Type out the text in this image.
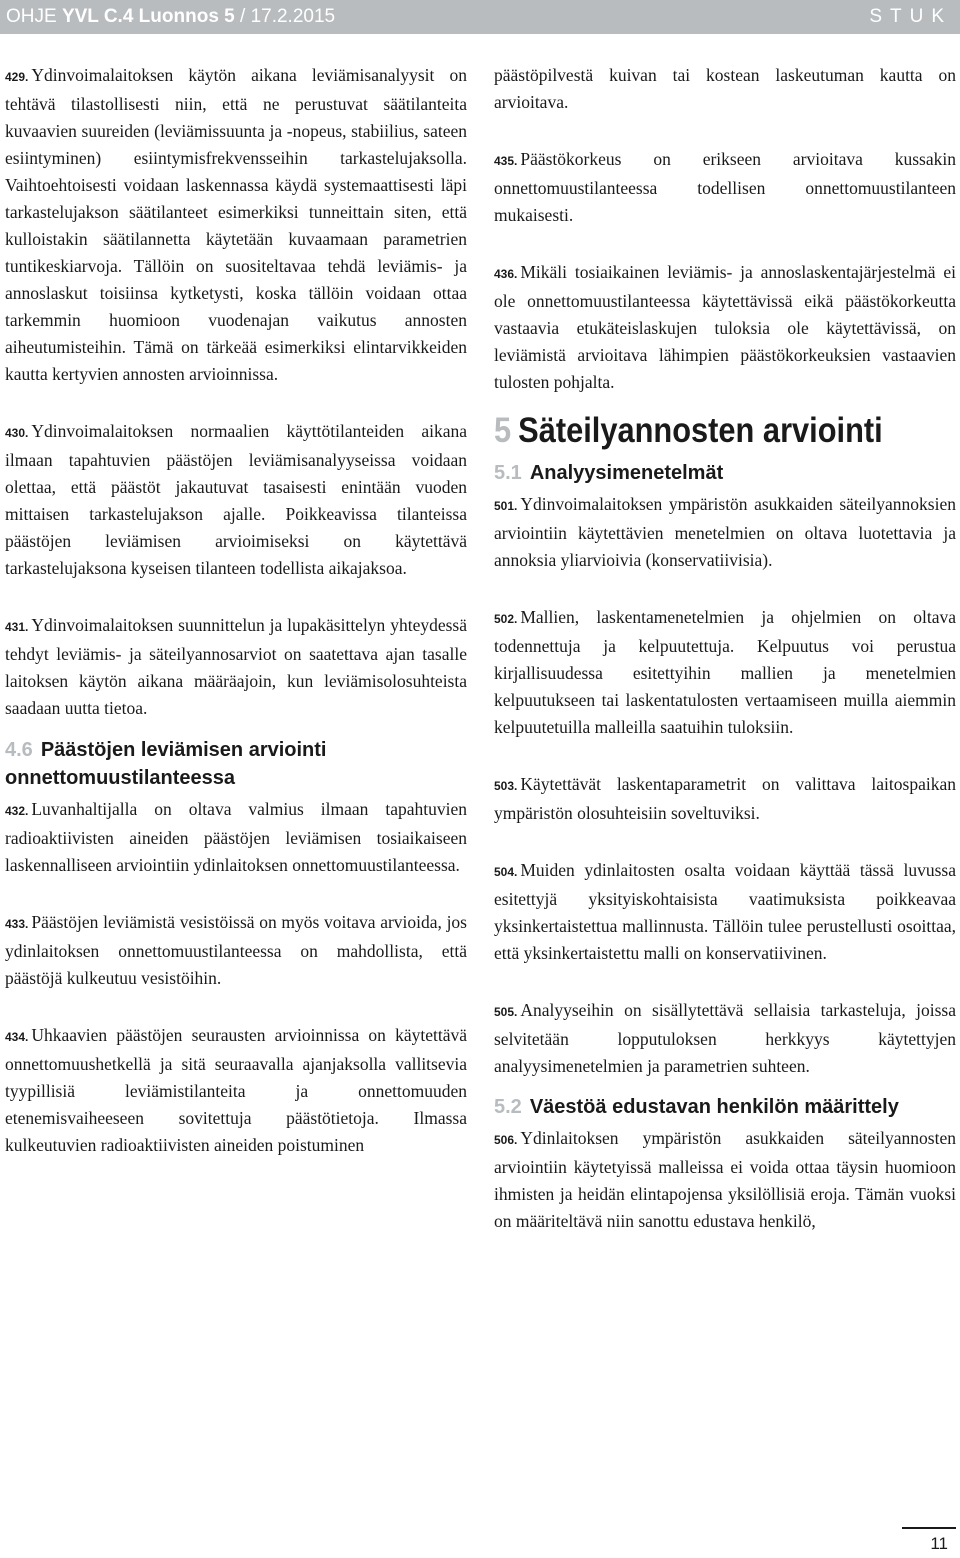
OHJE YVL C.4 Luonnos 5 / 17.2.2015	STUK

429. Ydinvoimalaitoksen käytön aikana leviämisanalyysit on tehtävä tilastollisesti niin, että ne perustuvat säätilanteita kuvaavien suureiden (leviämissuunta ja -nopeus, stabiilius, sateen esiintyminen) esiintymisfrekvensseihin tarkastelujaksolla. Vaihtoehtoisesti voidaan laskennassa käydä systemaattisesti läpi tarkastelujakson säätilanteet esimerkiksi tunneittain siten, että kulloistakin säätilannetta käytetään kuvaamaan parametrien tuntikeskiarvoja. Tällöin on suositeltavaa tehdä leviämis- ja annoslaskut toisiinsa kytketysti, koska tällöin voidaan ottaa tarkemmin huomioon vuodenajan vaikutus annosten aiheutumisteihin. Tämä on tärkeää esimerkiksi elintarvikkeiden kautta kertyvien annosten arvioinnissa.

430. Ydinvoimalaitoksen normaalien käyttötilanteiden aikana ilmaan tapahtuvien päästöjen leviämisanalyyseissa voidaan olettaa, että päästöt jakautuvat tasaisesti enintään vuoden mittaisen tarkastelujakson ajalle. Poikkeavissa tilanteissa päästöjen leviämisen arvioimiseksi on käytettävä tarkastelujaksona kyseisen tilanteen todellista aikajaksoa.

431. Ydinvoimalaitoksen suunnittelun ja lupakäsittelyn yhteydessä tehdyt leviämis- ja säteilyannosarviot on saatettava ajan tasalle laitoksen käytön aikana määräajoin, kun leviämisolosuhteista saadaan uutta tietoa.

4.6 Päästöjen leviämisen arviointi onnettomuustilanteessa

432. Luvanhaltijalla on oltava valmius ilmaan tapahtuvien radioaktiivisten aineiden päästöjen leviämisen tosiaikaiseen laskennalliseen arviointiin ydinlaitoksen onnettomuustilanteessa.

433. Päästöjen leviämistä vesistöissä on myös voitava arvioida, jos ydinlaitoksen onnettomuustilanteessa on mahdollista, että päästöjä kulkeutuu vesistöihin.

434. Uhkaavien päästöjen seurausten arvioinnissa on käytettävä onnettomuushetkellä ja sitä seuraavalla ajanjaksolla vallitsevia tyypillisiä leviämistilanteita ja onnettomuuden etenemisvaiheeseen sovitettuja päästötietoja. Ilmassa kulkeutuvien radioaktiivisten aineiden poistuminen

päästöpilvestä kuivan tai kostean laskeutuman kautta on arvioitava.

435. Päästökorkeus on erikseen arvioitava kussakin onnettomuustilanteessa todellisen onnettomuustilanteen mukaisesti.

436. Mikäli tosiaikainen leviämis- ja annoslaskentajärjestelmä ei ole onnettomuustilanteessa käytettävissä eikä päästökorkeutta vastaavia etukäteislaskujen tuloksia ole käytettävissä, on leviämistä arvioitava lähimpien päästökorkeuksien vastaavien tulosten pohjalta.

5 Säteilyannosten arviointi
5.1 Analyysimenetelmät

501. Ydinvoimalaitoksen ympäristön asukkaiden säteilyannoksien arviointiin käytettävien menetelmien on oltava luotettavia ja annoksia yliarvioivia (konservatiivisia).

502. Mallien, laskentamenetelmien ja ohjelmien on oltava todennettuja ja kelpuutettuja. Kelpuutus voi perustua kirjallisuudessa esitettyihin mallien ja menetelmien kelpuutukseen tai laskentatulosten vertaamiseen muilla aiemmin kelpuutetuilla malleilla saatuihin tuloksiin.

503. Käytettävät laskentaparametrit on valittava laitospaikan ympäristön olosuhteisiin soveltuviksi.

504. Muiden ydinlaitosten osalta voidaan käyttää tässä luvussa esitettyjä yksityiskohtaisista vaatimuksista poikkeavaa yksinkertaistettua mallinnusta. Tällöin tulee perustellusti osoittaa, että yksinkertaistettu malli on konservatiivinen.

505. Analyyseihin on sisällytettävä sellaisia tarkasteluja, joissa selvitetään lopputuloksen herkkyys käytettyjen analyysimenetelmien ja parametrien suhteen.

5.2 Väestöä edustavan henkilön määrittely

506. Ydinlaitoksen ympäristön asukkaiden säteilyannosten arviointiin käytetyissä malleissa ei voida ottaa täysin huomioon ihmisten ja heidän elintapojensa yksilöllisiä eroja. Tämän vuoksi on määriteltävä niin sanottu edustava henkilö,

11
